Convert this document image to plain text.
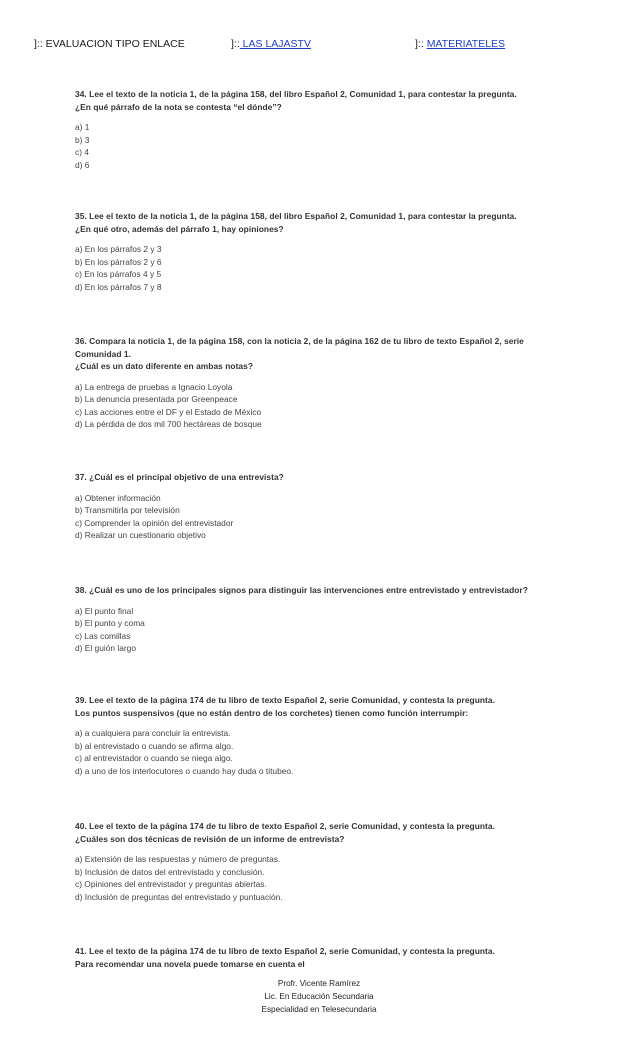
]:: EVALUACION TIPO ENLACE	]:: LAS LAJASTV	]:: MATERIATELES
34. Lee el texto de la noticia 1, de la página 158, del libro Español 2, Comunidad 1, para contestar la pregunta.
¿En qué párrafo de la nota se contesta “el dónde”?
a) 1
b) 3
c) 4
d) 6
35. Lee el texto de la noticia 1, de la página 158, del libro Español 2, Comunidad 1, para contestar la pregunta.
¿En qué otro, además del párrafo 1, hay opiniones?
a) En los párrafos 2 y 3
b) En los párrafos 2 y 6
c) En los párrafos 4 y 5
d) En los párrafos 7 y 8
36. Compara la noticia 1, de la página 158, con la noticia 2, de la página 162 de tu libro de texto Español 2, serie
Comunidad 1.
¿Cuál es un dato diferente en ambas notas?
a) La entrega de pruebas a Ignacio Loyola
b) La denuncia presentada por Greenpeace
c) Las acciones entre el DF y el Estado de México
d) La pérdida de dos mil 700 hectáreas de bosque
37. ¿Cuál es el principal objetivo de una entrevista?
a) Obtener información
b) Transmitirla por televisión
c) Comprender la opinión del entrevistador
d) Realizar un cuestionario objetivo
38. ¿Cuál es uno de los principales signos para distinguir las intervenciones entre entrevistado y entrevistador?
a) El punto final
b) El punto y coma
c) Las comillas
d) El guión largo
39. Lee el texto de la página 174 de tu libro de texto Español 2, serie Comunidad, y contesta la pregunta.
Los puntos suspensivos (que no están dentro de los corchetes) tienen como función interrumpir:
a) a cualquiera para concluir la entrevista.
b) al entrevistado o cuando se afirma algo.
c) al entrevistador o cuando se niega algo.
d) a uno de los interlocutores o cuando hay duda o titubeo.
40. Lee el texto de la página 174 de tu libro de texto Español 2, serie Comunidad, y contesta la pregunta.
¿Cuáles son dos técnicas de revisión de un informe de entrevista?
a) Extensión de las respuestas y número de preguntas.
b) Inclusión de datos del entrevistado y conclusión.
c) Opiniones del entrevistador y preguntas abiertas.
d) Inclusión de preguntas del entrevistado y puntuación.
41. Lee el texto de la página 174 de tu libro de texto Español 2, serie Comunidad, y contesta la pregunta.
Para recomendar una novela puede tomarse en cuenta el
Profr. Vicente Ramírez
Lic. En Educación Secundaria
Especialidad en Telesecundaria
